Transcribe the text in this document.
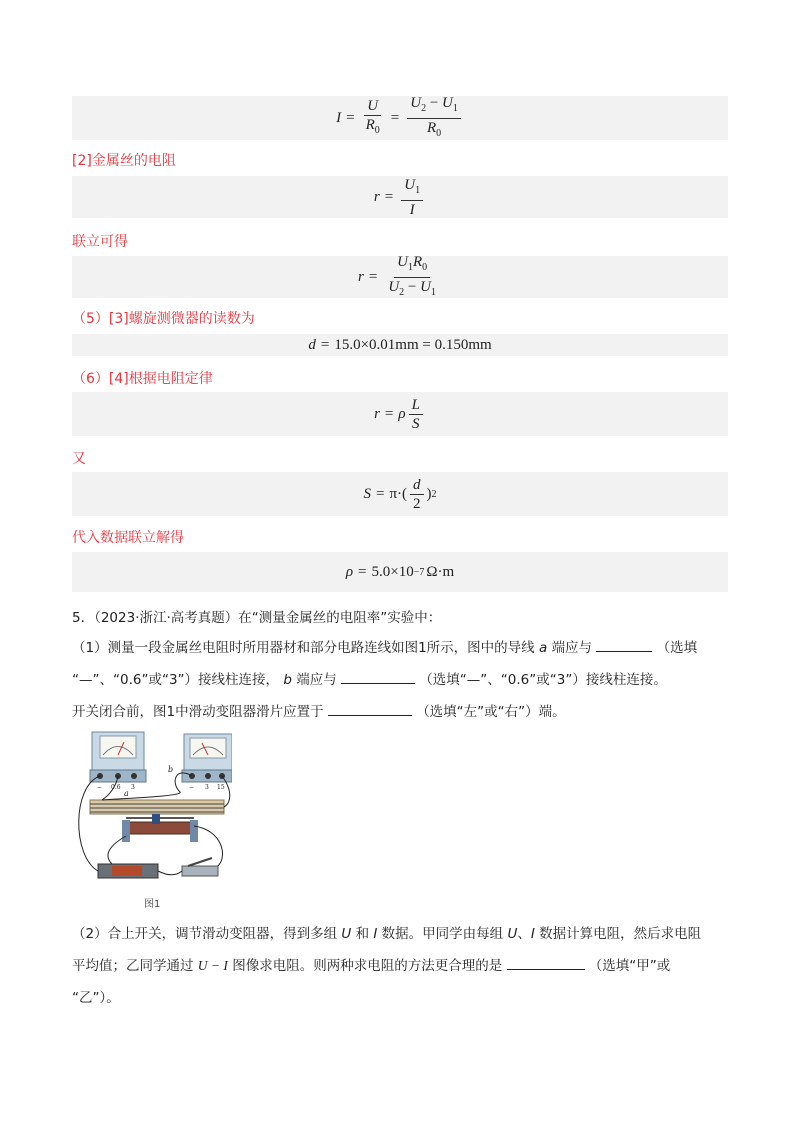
$I = \frac{U}{R_0} = \frac{U_2 - U_1}{R_0}$
[2]金属丝的电阻
$r = \frac{U_1}{I}$
联立可得
$r = \frac{U_1R_0}{U_2 - U_1}$
（5）[3]螺旋测微器的读数为
d = 15.0×0.01mm = 0.150mm
（6）[4]根据电阻定律
r = ρ $\frac{L}{S}$
又
$S = \pi\cdot( \frac{d}{2}$ ) 2
代入数据联立解得
ρ = 5.0×10 −7 Ω·m
5．（2023·浙江·高考真题）在“测量金属丝的电阻率”实验中：
（1）测量一段金属丝电阻时所用器材和部分电路连线如图1所示，图中的导线 a 端应与	（选填
“—”、“0.6”或“3”）接线柱连接， b 端应与	（选填“—”、“0.6”或“3”）接线柱连接。
开关闭合前，图1中滑动变阻器滑片应置于	（选填“左”或“右”）端。
− 0.6 3	− 3 15
a
b
图1
（2）合上开关，调节滑动变阻器，得到多组 U 和 I 数据。甲同学由每组 U、I 数据计算电阻，然后求电阻
平均值；乙同学通过 U − I 图像求电阻。则两种求电阻的方法更合理的是	（选填“甲”或
“乙”）。
